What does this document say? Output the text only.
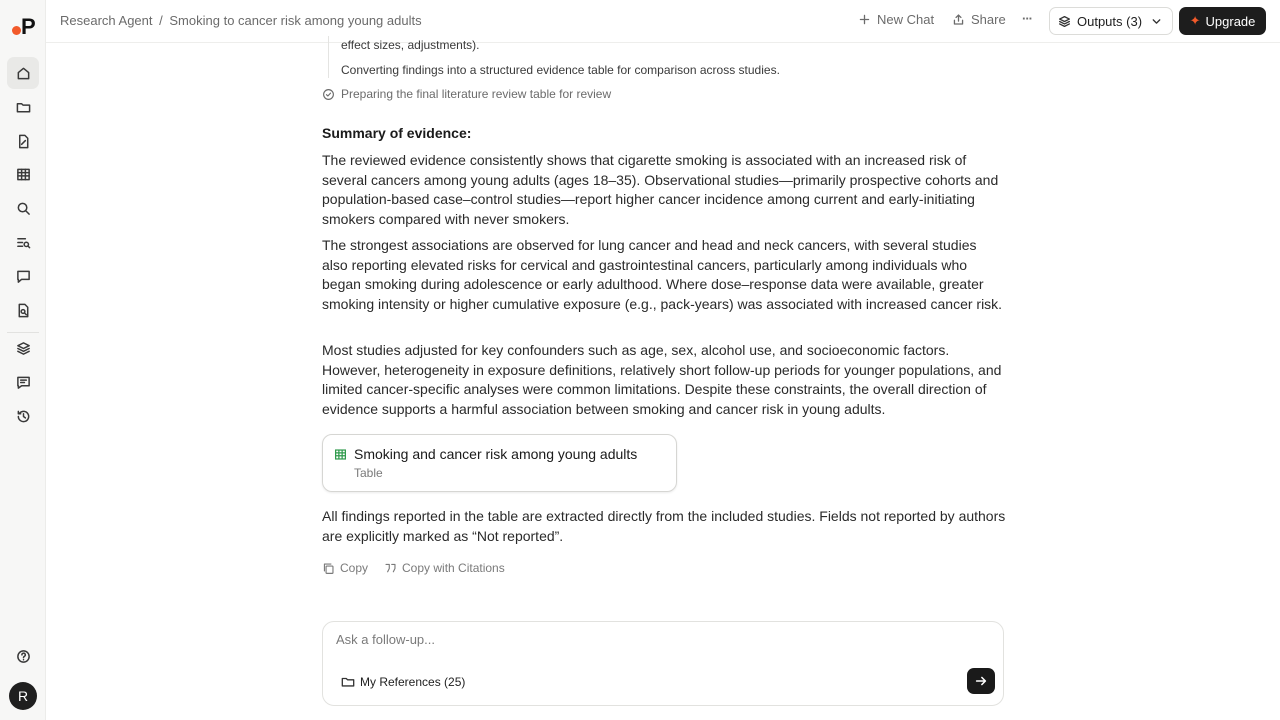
P
R
Research Agent / Smoking to cancer risk among young adults	New Chat	Share ···	Outputs (3)	✦ Upgrade
effect sizes, adjustments).
Converting findings into a structured evidence table for comparison across studies.
Preparing the final literature review table for review
Summary of evidence:
The reviewed evidence consistently shows that cigarette smoking is associated with an increased risk of several cancers among young adults (ages 18–35). Observational studies—primarily prospective cohorts and population-based case–control studies—report higher cancer incidence among current and early-initiating smokers compared with never smokers.
The strongest associations are observed for lung cancer and head and neck cancers, with several studies also reporting elevated risks for cervical and gastrointestinal cancers, particularly among individuals who began smoking during adolescence or early adulthood. Where dose–response data were available, greater smoking intensity or higher cumulative exposure (e.g., pack-years) was associated with increased cancer risk.
Most studies adjusted for key confounders such as age, sex, alcohol use, and socioeconomic factors. However, heterogeneity in exposure definitions, relatively short follow-up periods for younger populations, and limited cancer-specific analyses were common limitations. Despite these constraints, the overall direction of evidence supports a harmful association between smoking and cancer risk in young adults.
Smoking and cancer risk among young adults
Table
All findings reported in the table are extracted directly from the included studies. Fields not reported by authors are explicitly marked as “Not reported”.
Copy	Copy with Citations
Ask a follow-up...
My References (25)
